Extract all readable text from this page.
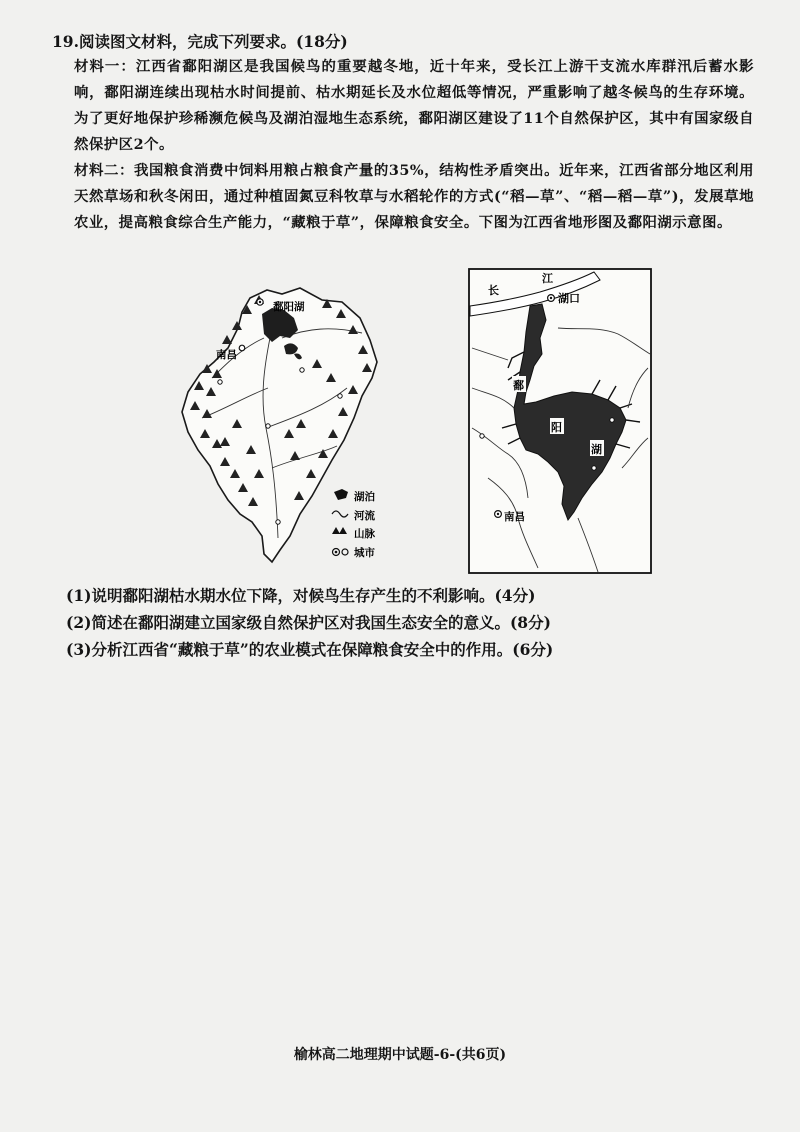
19.阅读图文材料，完成下列要求。(18分)
材料一：江西省鄱阳湖区是我国候鸟的重要越冬地，近十年来，受长江上游干支流水库群汛后蓄水影响，鄱阳湖连续出现枯水时间提前、枯水期延长及水位超低等情况，严重影响了越冬候鸟的生存环境。为了更好地保护珍稀濒危候鸟及湖泊湿地生态系统，鄱阳湖区建设了11个自然保护区，其中有国家级自然保护区2个。
材料二：我国粮食消费中饲料用粮占粮食产量的35%，结构性矛盾突出。近年来，江西省部分地区利用天然草场和秋冬闲田，通过种植固氮豆科牧草与水稻轮作的方式(“稻—草”、“稻—稻—草”)，发展草地农业，提高粮食综合生产能力，“藏粮于草”，保障粮食安全。下图为江西省地形图及鄱阳湖示意图。
鄱阳湖
南昌
湖泊
河流
山脉
城市
长
江
湖口
鄱
阳
湖
南昌
(1)说明鄱阳湖枯水期水位下降，对候鸟生存产生的不利影响。(4分)
(2)简述在鄱阳湖建立国家级自然保护区对我国生态安全的意义。(8分)
(3)分析江西省“藏粮于草”的农业模式在保障粮食安全中的作用。(6分)
榆林高二地理期中试题-6-(共6页)
